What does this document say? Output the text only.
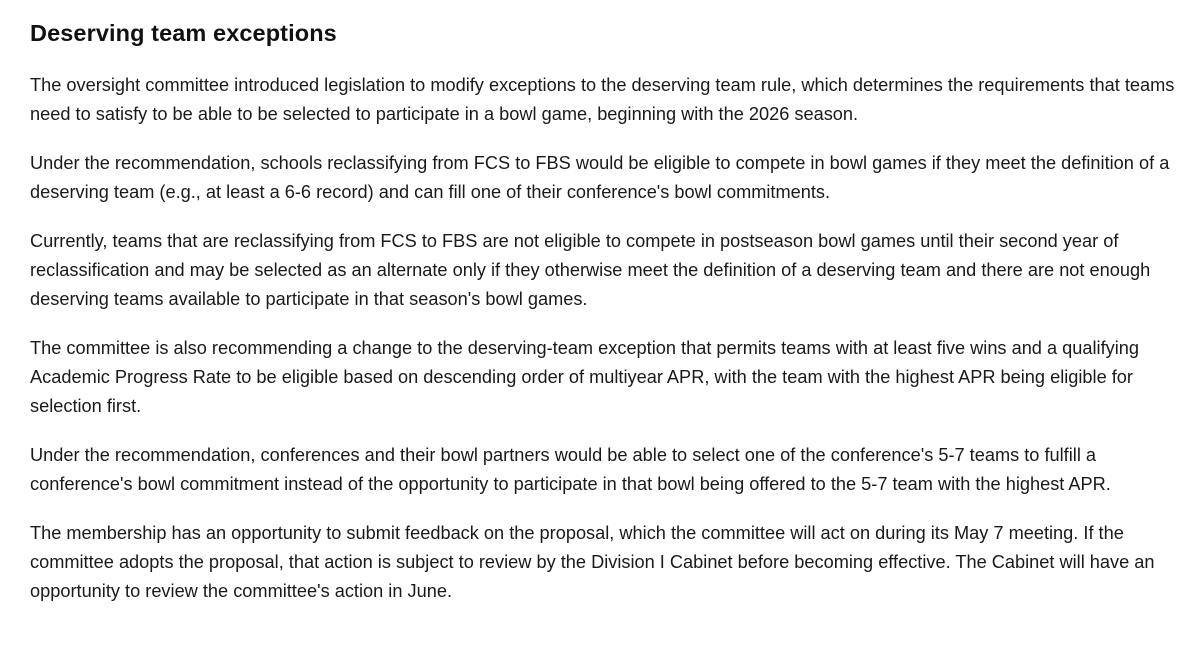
Deserving team exceptions

The oversight committee introduced legislation to modify exceptions to the deserving team rule, which determines the requirements that teams need to satisfy to be able to be selected to participate in a bowl game, beginning with the 2026 season.

Under the recommendation, schools reclassifying from FCS to FBS would be eligible to compete in bowl games if they meet the definition of a deserving team (e.g., at least a 6-6 record) and can fill one of their conference's bowl commitments.

Currently, teams that are reclassifying from FCS to FBS are not eligible to compete in postseason bowl games until their second year of reclassification and may be selected as an alternate only if they otherwise meet the definition of a deserving team and there are not enough deserving teams available to participate in that season's bowl games.

The committee is also recommending a change to the deserving-team exception that permits teams with at least five wins and a qualifying Academic Progress Rate to be eligible based on descending order of multiyear APR, with the team with the highest APR being eligible for selection first.

Under the recommendation, conferences and their bowl partners would be able to select one of the conference's 5-7 teams to fulfill a conference's bowl commitment instead of the opportunity to participate in that bowl being offered to the 5-7 team with the highest APR.

The membership has an opportunity to submit feedback on the proposal, which the committee will act on during its May 7 meeting. If the committee adopts the proposal, that action is subject to review by the Division I Cabinet before becoming effective. The Cabinet will have an opportunity to review the committee's action in June.
